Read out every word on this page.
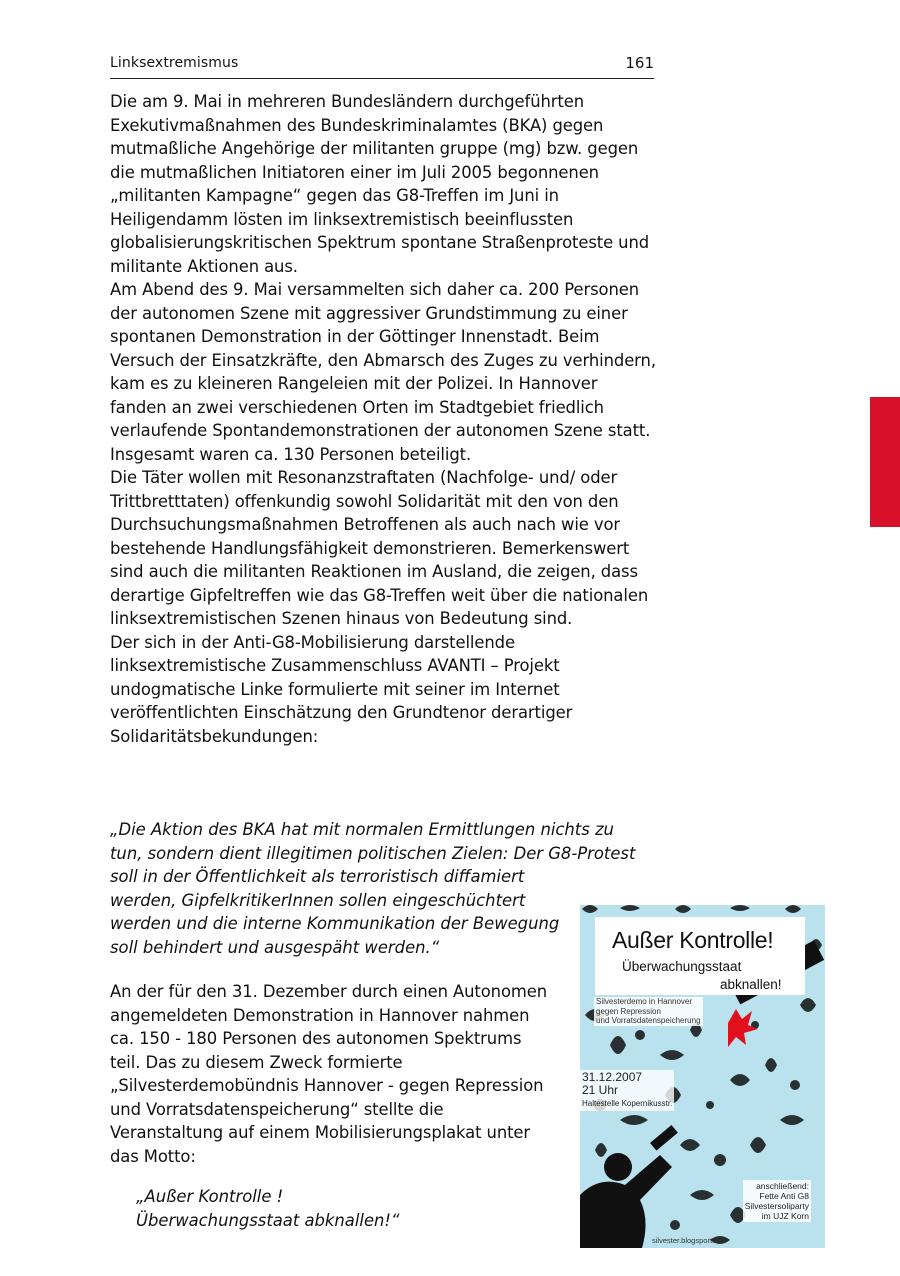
Linksextremismus	161

Die am 9. Mai in mehreren Bundesländern durchgeführten Exekutivmaßnahmen des Bundeskriminalamtes (BKA) gegen mutmaßliche Angehörige der militanten gruppe (mg) bzw. gegen die mutmaßlichen Initiatoren einer im Juli 2005 begonnenen „militanten Kampagne“ gegen das G8-Treffen im Juni in Heiligendamm lösten im linksextremistisch beeinflussten globalisierungskritischen Spektrum spontane Straßenproteste und militante Aktionen aus.

Am Abend des 9. Mai versammelten sich daher ca. 200 Personen der autonomen Szene mit aggressiver Grundstimmung zu einer spontanen Demonstration in der Göttinger Innenstadt. Beim Versuch der Einsatzkräfte, den Abmarsch des Zuges zu verhindern, kam es zu kleineren Rangeleien mit der Polizei. In Hannover fanden an zwei verschiedenen Orten im Stadtgebiet friedlich verlaufende Spontandemonstrationen der autonomen Szene statt. Insgesamt waren ca. 130 Personen beteiligt.

Die Täter wollen mit Resonanzstraftaten (Nachfolge- und/ oder Trittbretttaten) offenkundig sowohl Solidarität mit den von den Durchsuchungsmaßnahmen Betroffenen als auch nach wie vor bestehende Handlungsfähigkeit demonstrieren. Bemerkenswert sind auch die militanten Reaktionen im Ausland, die zeigen, dass derartige Gipfeltreffen wie das G8-Treffen weit über die nationalen linksextremistischen Szenen hinaus von Bedeutung sind.

Der sich in der Anti-G8-Mobilisierung darstellende linksextremistische Zusammenschluss AVANTI – Projekt undogmatische Linke formulierte mit seiner im Internet veröffentlichten Einschätzung den Grundtenor derartiger Solidaritätsbekundungen:

„Die Aktion des BKA hat mit normalen Ermittlungen nichts zu tun, sondern dient illegitimen politischen Zielen: Der G8-Protest soll in der Öffentlichkeit als terroristisch diffamiert

werden, GipfelkritikerInnen sollen eingeschüchtert werden und die interne Kommunikation der Bewegung soll behindert und ausgespäht werden.“

An der für den 31. Dezember durch einen Autonomen angemeldeten Demonstration in Hannover nahmen ca. 150 - 180 Personen des autonomen Spektrums teil. Das zu diesem Zweck formierte „Silvesterdemobündnis Hannover - gegen Repression und Vorratsdatenspeicherung“ stellte die Veranstaltung auf einem Mobilisierungsplakat unter das Motto:

„Außer Kontrolle !

Überwachungsstaat abknallen!“

Außer Kontrolle!
Überwachungsstaat
abknallen!
Silvesterdemo in Hannover
gegen Repression
und Vorratsdatenspeicherung
31.12.2007
21 Uhr
Haltestelle Kopernikusstr.
anschließend:
Fette Anti G8
Silvestersoliparty
im UJZ Korn
silvester.blogsport.de
